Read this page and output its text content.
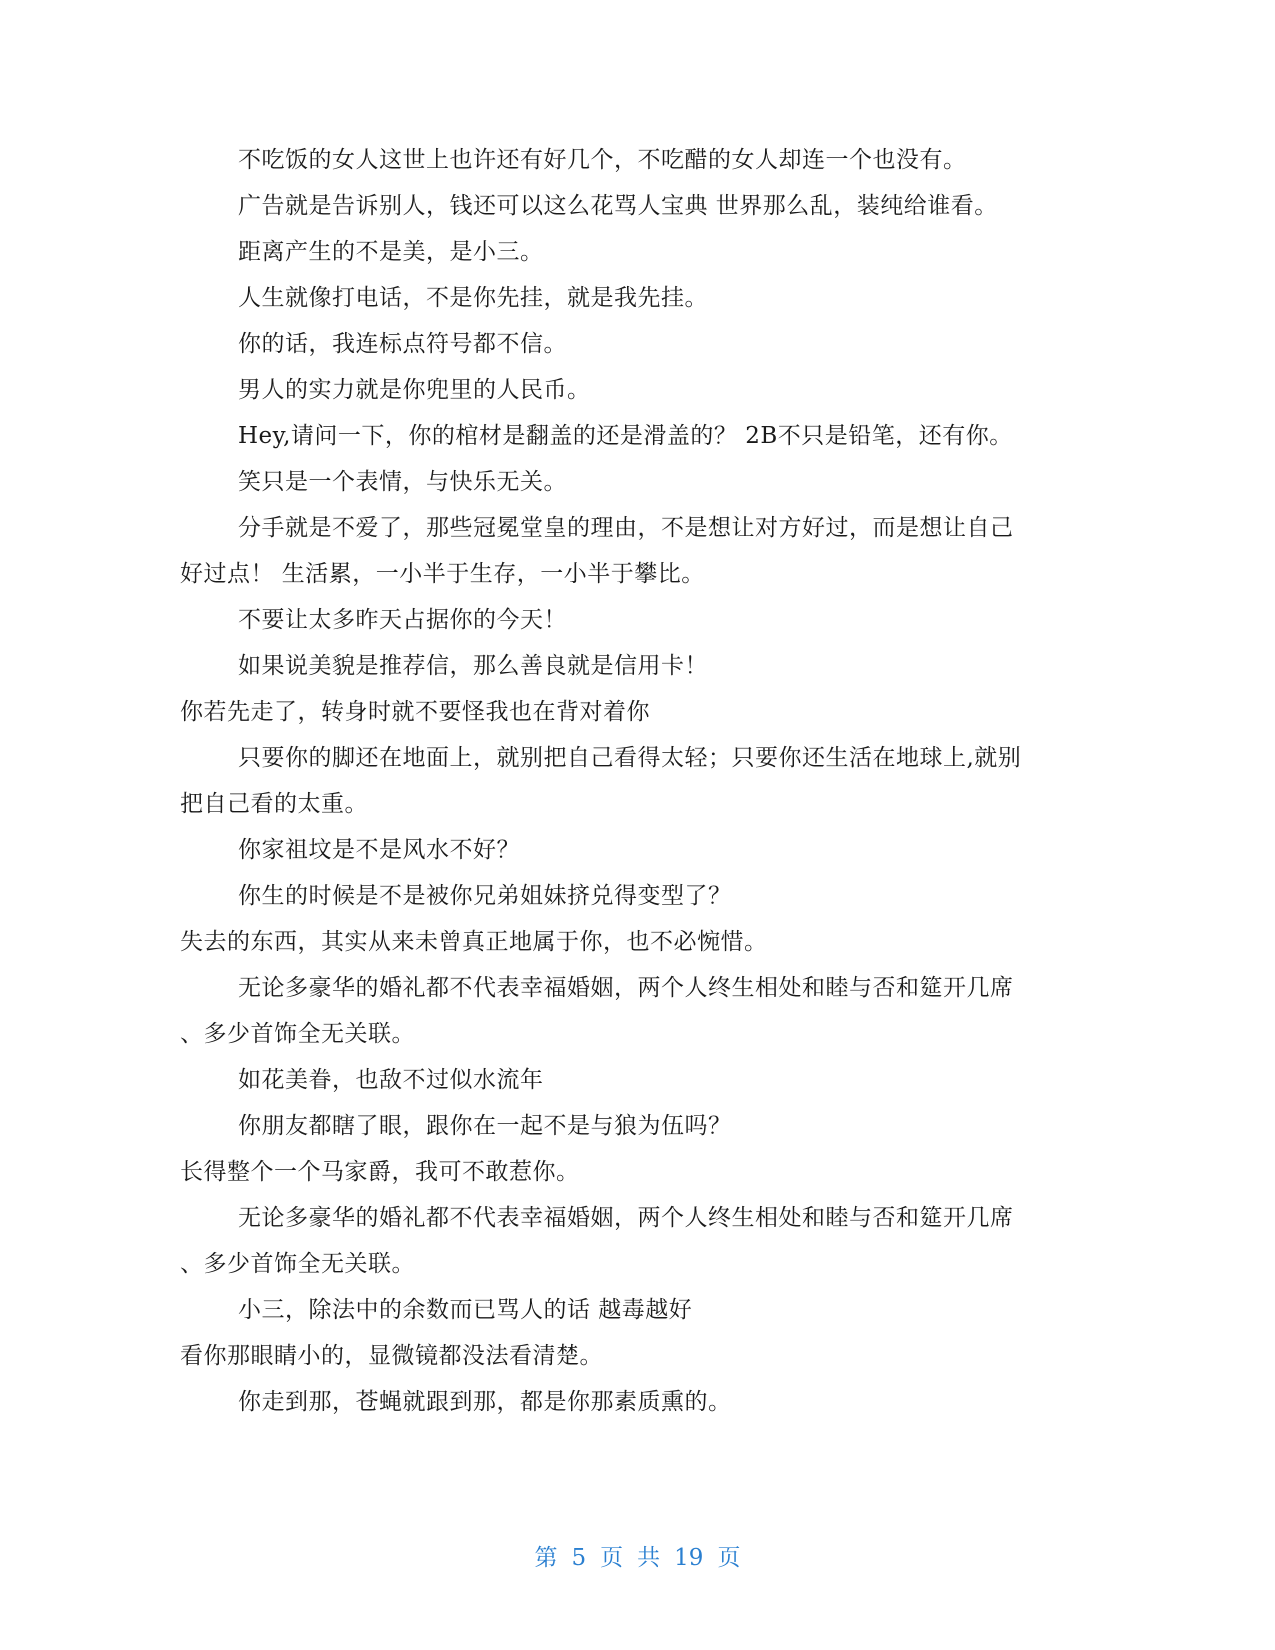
不吃饭的女人这世上也许还有好几个，不吃醋的女人却连一个也没有。
广告就是告诉别人，钱还可以这么花骂人宝典 世界那么乱，装纯给谁看。
距离产生的不是美，是小三。
人生就像打电话，不是你先挂，就是我先挂。
你的话，我连标点符号都不信。
男人的实力就是你兜里的人民币。
Hey,请问一下，你的棺材是翻盖的还是滑盖的？ 2B不只是铅笔，还有你。
笑只是一个表情，与快乐无关。
分手就是不爱了，那些冠冕堂皇的理由，不是想让对方好过，而是想让自己
好过点！ 生活累，一小半于生存，一小半于攀比。
不要让太多昨天占据你的今天！
如果说美貌是推荐信，那么善良就是信用卡！
你若先走了，转身时就不要怪我也在背对着你
只要你的脚还在地面上，就别把自己看得太轻；只要你还生活在地球上,就别
把自己看的太重。
你家祖坟是不是风水不好？
你生的时候是不是被你兄弟姐妹挤兑得变型了？
失去的东西，其实从来未曾真正地属于你，也不必惋惜。
无论多豪华的婚礼都不代表幸福婚姻，两个人终生相处和睦与否和筵开几席
、多少首饰全无关联。
如花美眷，也敌不过似水流年
你朋友都瞎了眼，跟你在一起不是与狼为伍吗？
长得整个一个马家爵，我可不敢惹你。
无论多豪华的婚礼都不代表幸福婚姻，两个人终生相处和睦与否和筵开几席
、多少首饰全无关联。
小三，除法中的余数而已骂人的话 越毒越好
看你那眼睛小的，显微镜都没法看清楚。
你走到那，苍蝇就跟到那，都是你那素质熏的。
第 5 页 共 19 页
